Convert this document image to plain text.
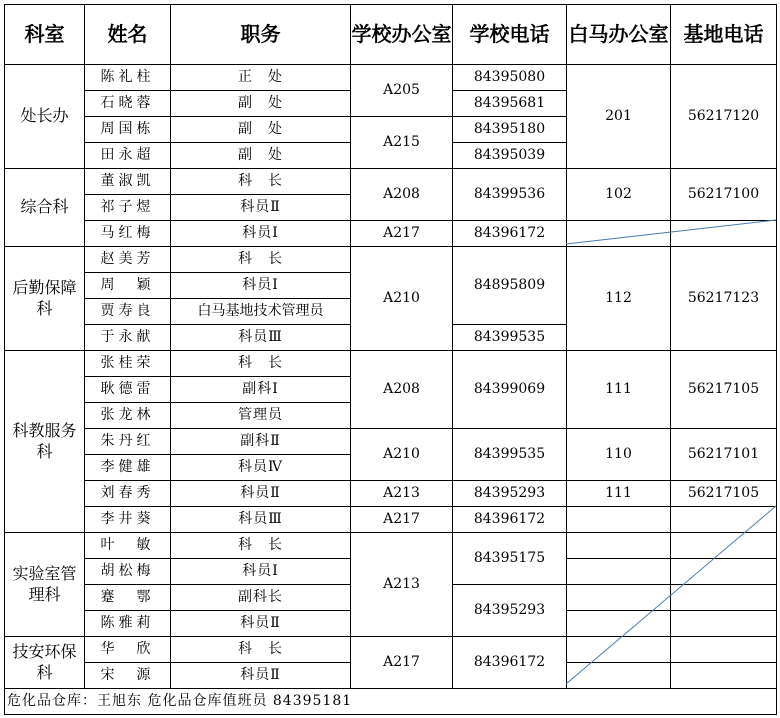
科室	姓名	职务	学校办公室	学校电话	白马办公室	基地电话
处长办	陈礼柱	正　处	A205	84395080	201	56217120
	石晓蓉	副　处		84395681		
	周国栋	副　处	A215	84395180		
	田永超	副　处		84395039		
综合科	董淑凯	科　长	A208	84399536	102	56217100
	祁子煜	科员Ⅱ				
	马红梅	科员Ⅰ	A217	84396172		
后勤保障科	赵美芳	科　长	A210	84895809	112	56217123
	周　颖	科员Ⅰ				
	贾寿良	白马基地技术管理员				
	于永献	科员Ⅲ		84399535		
科教服务科	张桂荣	科　长	A208	84399069	111	56217105
	耿德雷	副科Ⅰ				
	张龙林	管理员				
	朱丹红	副科Ⅱ	A210	84399535	110	56217101
	李健雄	科员Ⅳ				
	刘春秀	科员Ⅱ	A213	84395293	111	56217105
	李井葵	科员Ⅲ	A217	84396172		
实验室管理科	叶　敏	科　长	A213	84395175		
	胡松梅	科员Ⅰ				
	蹇　鄂	副科长		84395293		
	陈雅莉	科员Ⅱ				
技安环保科	华　欣	科　长	A217	84396172		
	宋　源	科员Ⅱ				
危化品仓库：王旭东 危化品仓库值班员 84395181						
